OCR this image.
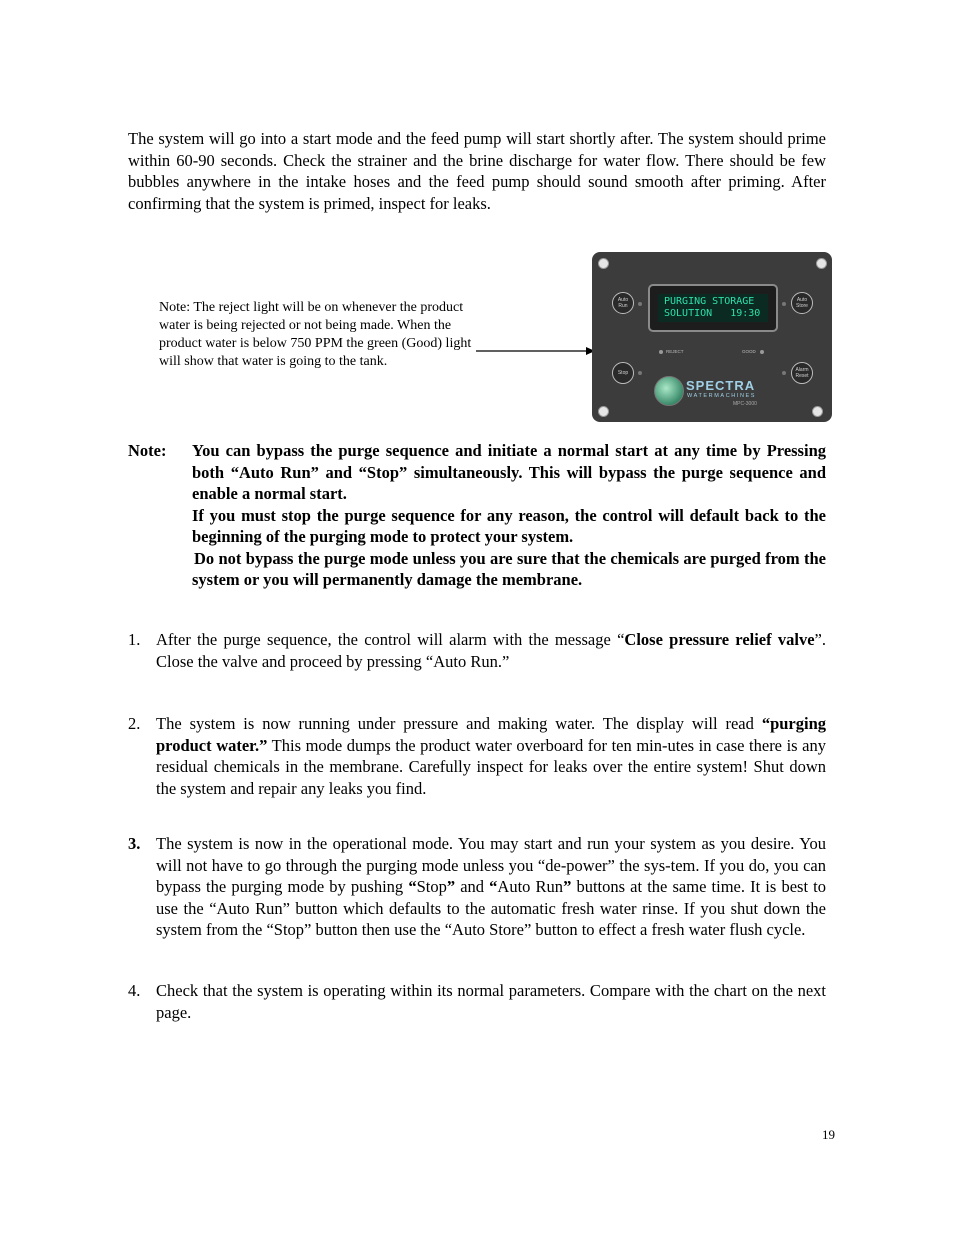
The system will go into a start mode and the feed pump will start shortly after. The system should prime within 60-90 seconds. Check the strainer and the brine discharge for water flow. There should be few bubbles anywhere in the intake hoses and the feed pump should sound smooth after priming. After confirming that the system is primed, inspect for leaks.
Note: The reject light will be on whenever the product water is being rejected or not being made. When the product water is below 750 PPM the green (Good) light will show that water is going to the tank.
Auto Run
Auto Store
Stop	Alarm Reset
PURGING STORAGE
SOLUTION   19:30
REJECT	GOOD
SPECTRA
WATERMACHINES
MPC-3000
Note: You can bypass the purge sequence and initiate a normal start at any time by Pressing both “Auto Run” and “Stop” simultaneously. This will bypass the purge sequence and enable a normal start.
If you must stop the purge sequence for any reason, the control will default back to the beginning of the purging mode to protect your system.
Do not bypass the purge mode unless you are sure that the chemicals are purged from the system or you will permanently damage the membrane.
1. After the purge sequence, the control will alarm with the message “Close pressure relief valve”. Close the valve and proceed by pressing “Auto Run.”
2. The system is now running under pressure and making water. The display will read “purging product water.” This mode dumps the product water overboard for ten min-utes in case there is any residual chemicals in the membrane. Carefully inspect for leaks over the entire system! Shut down the system and repair any leaks you find.
3. The system is now in the operational mode. You may start and run your system as you desire. You will not have to go through the purging mode unless you “de-power” the sys-tem. If you do, you can bypass the purging mode by pushing “Stop” and “Auto Run” buttons at the same time. It is best to use the “Auto Run” button which defaults to the automatic fresh water rinse. If you shut down the system from the “Stop” button then use the “Auto Store” button to effect a fresh water flush cycle.
4. Check that the system is operating within its normal parameters. Compare with the chart on the next page.
19
